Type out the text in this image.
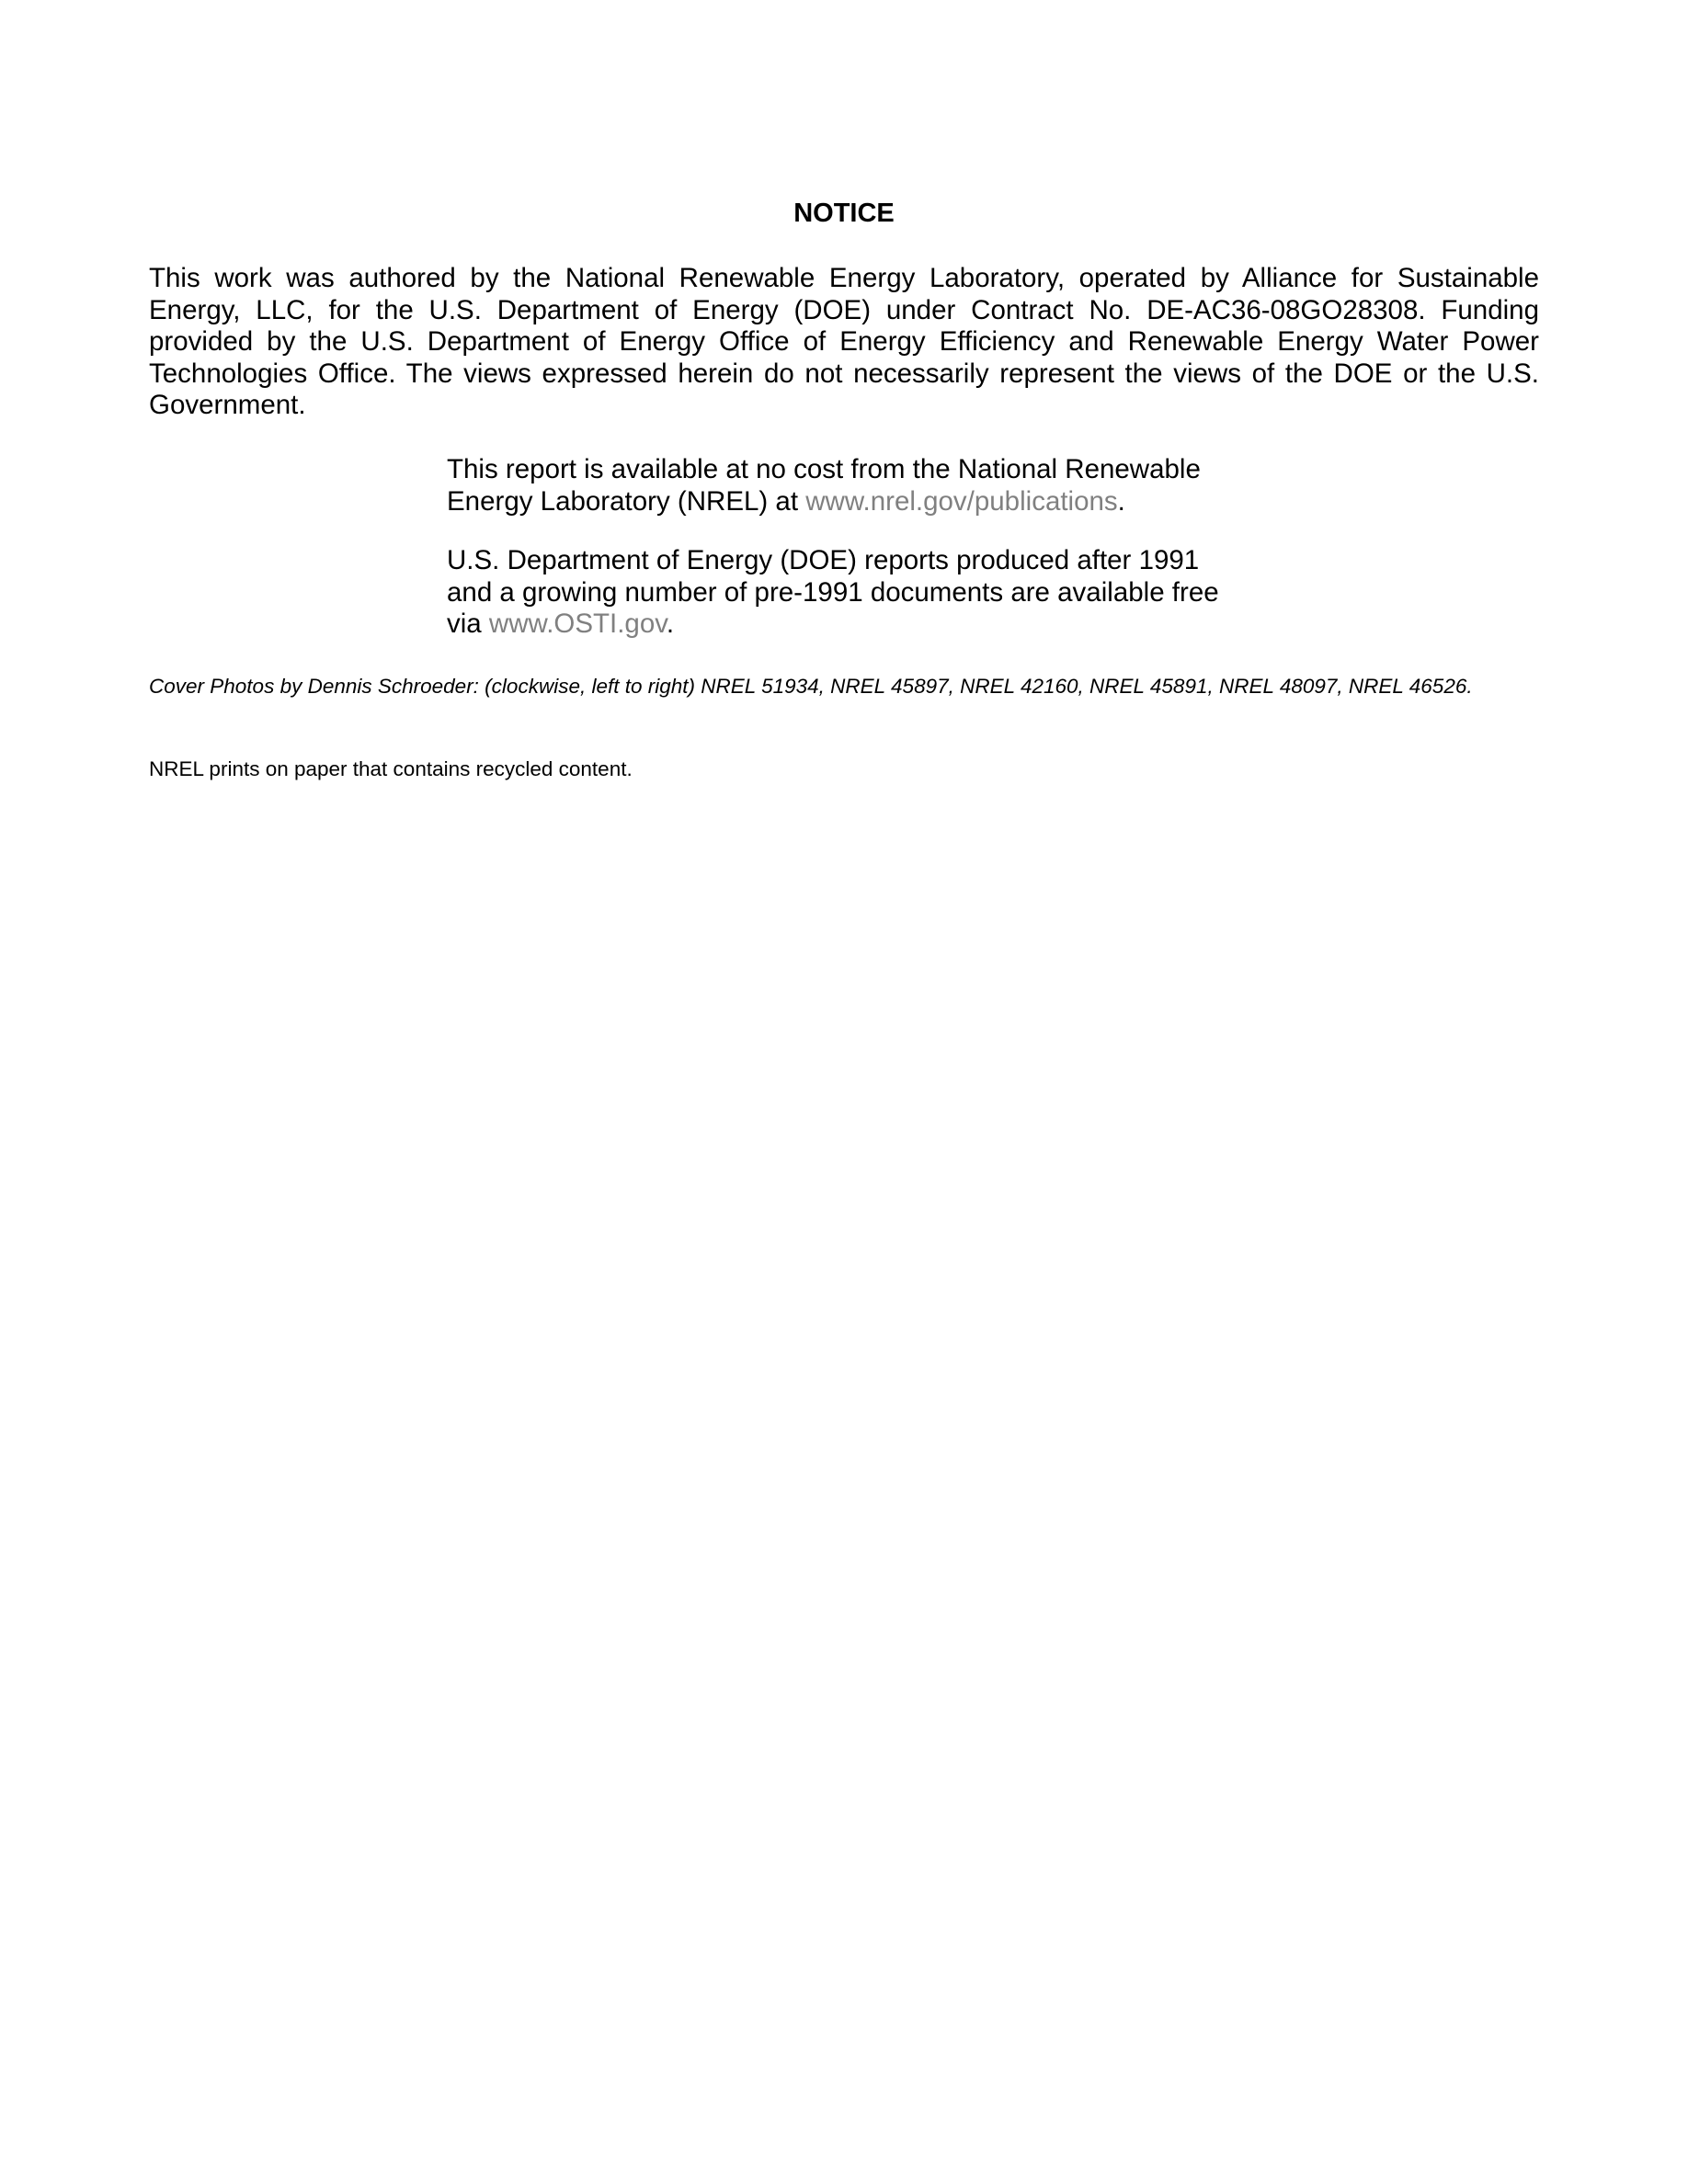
NOTICE

This work was authored by the National Renewable Energy Laboratory, operated by Alliance for Sustainable Energy, LLC, for the U.S. Department of Energy (DOE) under Contract No. DE-AC36-08GO28308. Funding provided by the U.S. Department of Energy Office of Energy Efficiency and Renewable Energy Water Power Technologies Office. The views expressed herein do not necessarily represent the views of the DOE or the U.S. Government.

This report is available at no cost from the National Renewable Energy Laboratory (NREL) at www.nrel.gov/publications.

U.S. Department of Energy (DOE) reports produced after 1991 and a growing number of pre-1991 documents are available free via www.OSTI.gov.

Cover Photos by Dennis Schroeder: (clockwise, left to right) NREL 51934, NREL 45897, NREL 42160, NREL 45891, NREL 48097, NREL 46526.

NREL prints on paper that contains recycled content.
